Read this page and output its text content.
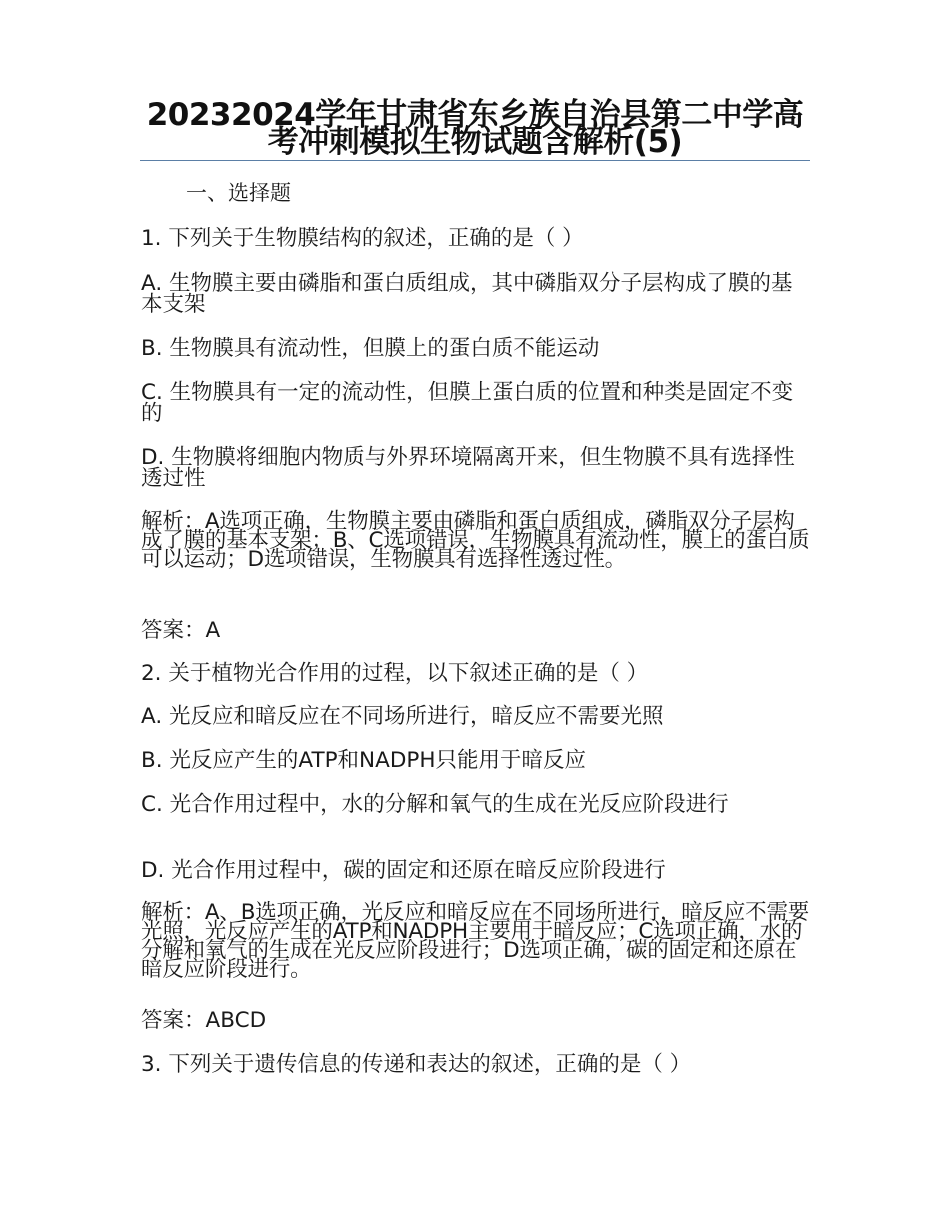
20232024学年甘肃省东乡族自治县第二中学高考冲刺模拟生物试题含解析(5)
一、选择题

1. 下列关于生物膜结构的叙述，正确的是（ ）

A. 生物膜主要由磷脂和蛋白质组成，其中磷脂双分子层构成了膜的基本支架

B. 生物膜具有流动性，但膜上的蛋白质不能运动

C. 生物膜具有一定的流动性，但膜上蛋白质的位置和种类是固定不变的

D. 生物膜将细胞内物质与外界环境隔离开来，但生物膜不具有选择性透过性

解析：A选项正确，生物膜主要由磷脂和蛋白质组成，磷脂双分子层构成了膜的基本支架；B、C选项错误，生物膜具有流动性，膜上的蛋白质可以运动；D选项错误，生物膜具有选择性透过性。

答案：A

2. 关于植物光合作用的过程，以下叙述正确的是（ ）

A. 光反应和暗反应在不同场所进行，暗反应不需要光照

B. 光反应产生的ATP和NADPH只能用于暗反应

C. 光合作用过程中，水的分解和氧气的生成在光反应阶段进行

D. 光合作用过程中，碳的固定和还原在暗反应阶段进行

解析：A、B选项正确，光反应和暗反应在不同场所进行，暗反应不需要光照，光反应产生的ATP和NADPH主要用于暗反应；C选项正确，水的分解和氧气的生成在光反应阶段进行；D选项正确，碳的固定和还原在暗反应阶段进行。

答案：ABCD

3. 下列关于遗传信息的传递和表达的叙述，正确的是（ ）
